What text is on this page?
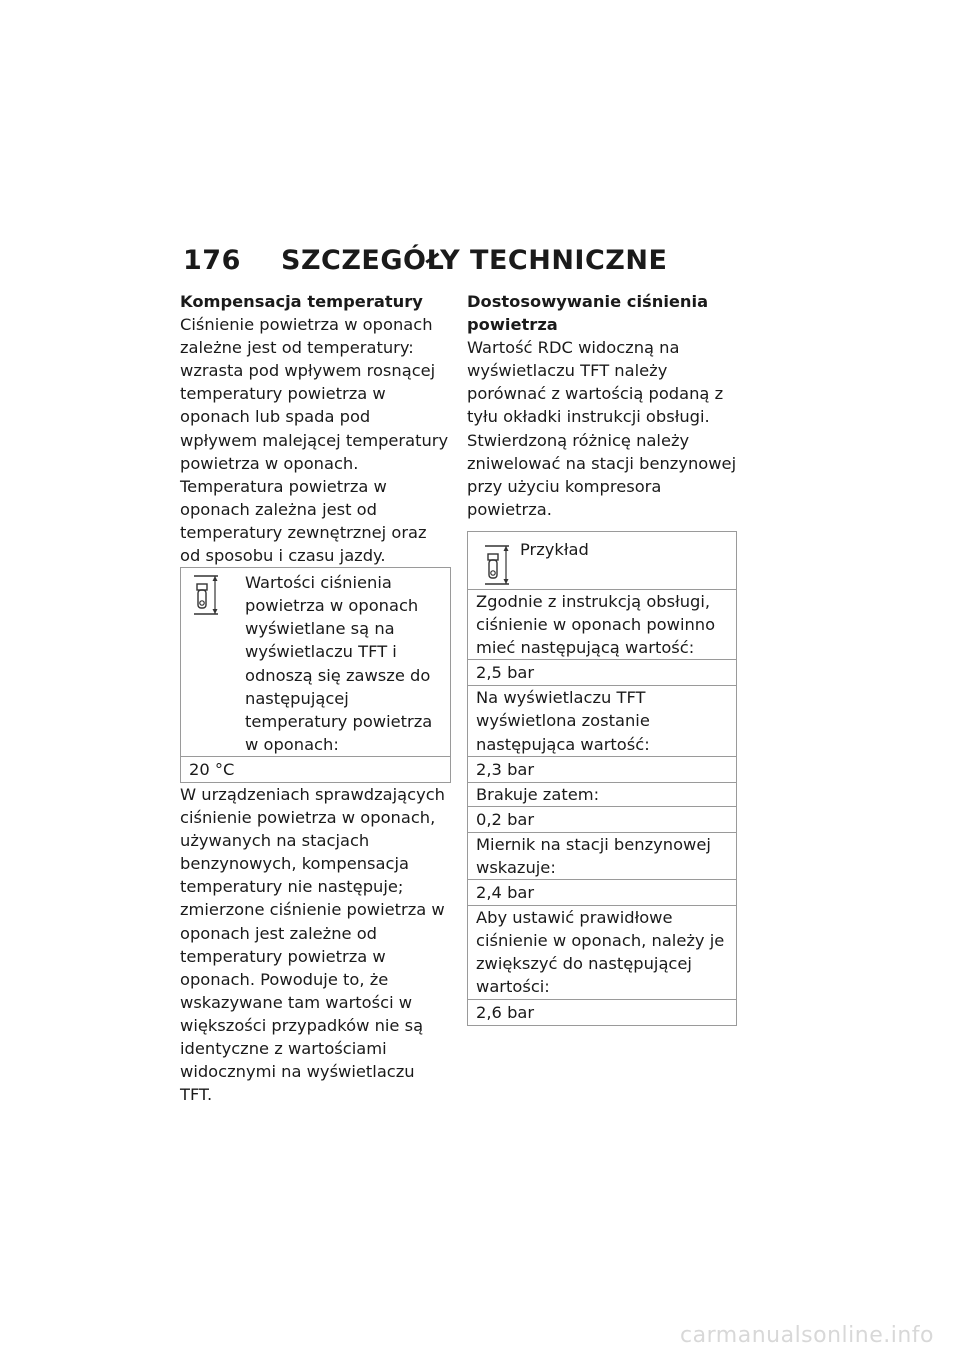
176 SZCZEGÓŁY TECHNICZNE
Kompensacja temperatury

Ciśnienie powietrza w oponach zależne jest od temperatury: wzrasta pod wpływem rosnącej temperatury powietrza w oponach lub spada pod wpływem malejącej temperatury powietrza w oponach. Temperatura powietrza w oponach zależna jest od temperatury zewnętrznej oraz od sposobu i czasu jazdy.

Wartości ciśnienia powietrza w oponach wyświetlane są na wyświetlaczu TFT i odnoszą się zawsze do następującej temperatury powietrza w oponach:
20 °C

W urządzeniach sprawdzających ciśnienie powietrza w oponach, używanych na stacjach benzynowych, kompensacja temperatury nie następuje; zmierzone ciśnienie powietrza w oponach jest zależne od temperatury powietrza w oponach. Powoduje to, że wskazywane tam wartości w większości przypadków nie są identyczne z wartościami widocznymi na wyświetlaczu TFT.

Dostosowywanie ciśnienia powietrza

Wartość RDC widoczną na wyświetlaczu TFT należy porównać z wartością podaną z tyłu okładki instrukcji obsługi. Stwierdzoną różnicę należy zniwelować na stacji benzynowej przy użyciu kompresora powietrza.

Przykład
Zgodnie z instrukcją obsługi, ciśnienie w oponach powinno mieć następującą wartość:
2,5 bar
Na wyświetlaczu TFT wyświetlona zostanie następująca wartość:
2,3 bar
Brakuje zatem:
0,2 bar
Miernik na stacji benzynowej wskazuje:
2,4 bar
Aby ustawić prawidłowe ciśnienie w oponach, należy je zwiększyć do następującej wartości:
2,6 bar
carmanualsonline.info
